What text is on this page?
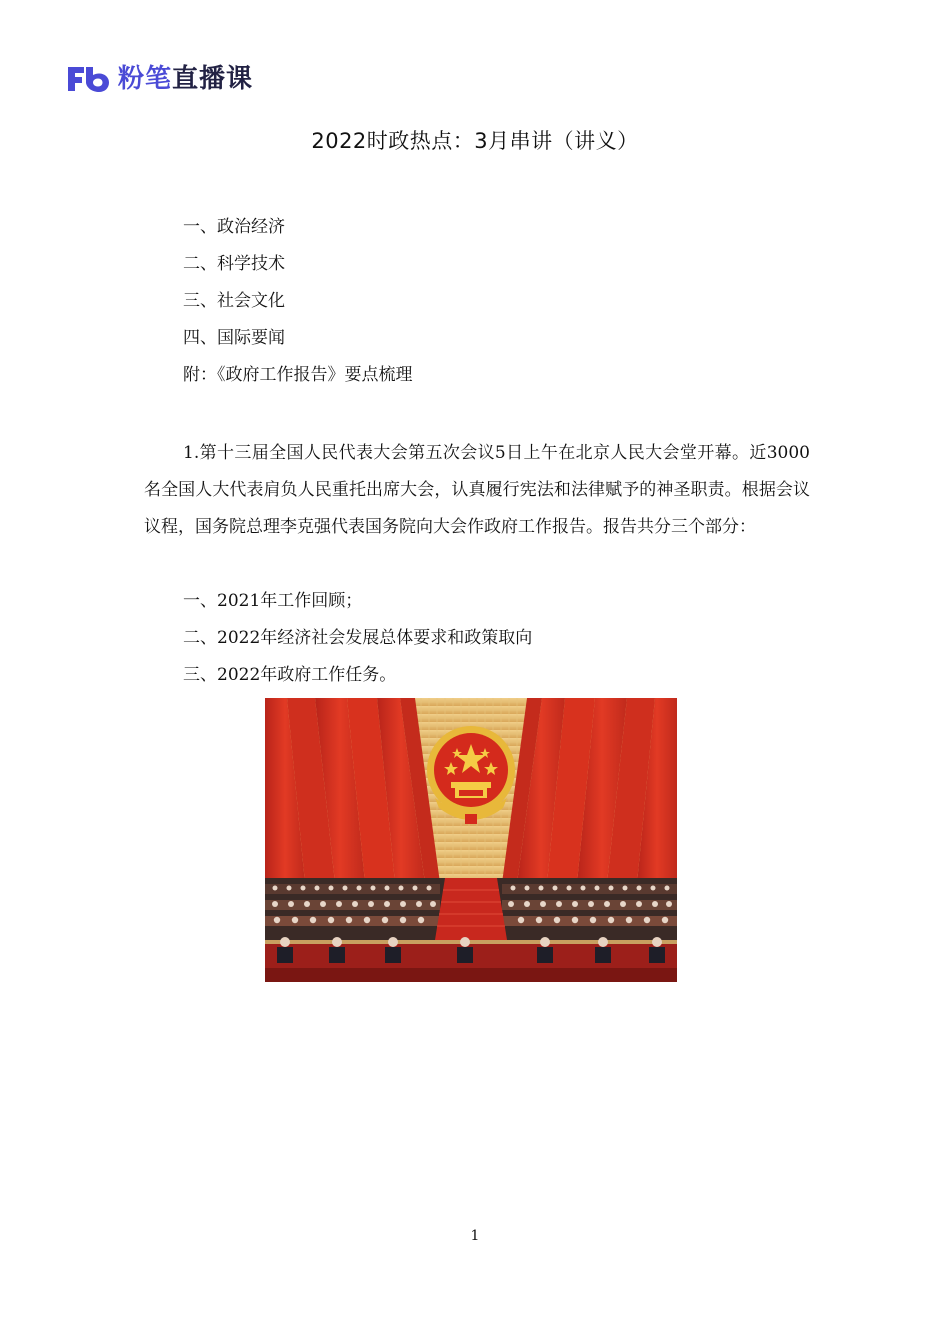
粉笔直播课
2022时政热点：3月串讲（讲义）
一、政治经济
二、科学技术
三、社会文化
四、国际要闻
附：《政府工作报告》要点梳理

1.第十三届全国人民代表大会第五次会议5日上午在北京人民大会堂开幕。近3000名全国人大代表肩负人民重托出席大会，认真履行宪法和法律赋予的神圣职责。根据会议议程，国务院总理李克强代表国务院向大会作政府工作报告。报告共分三个部分：

一、2021年工作回顾；
二、2022年经济社会发展总体要求和政策取向
三、2022年政府工作任务。
1
